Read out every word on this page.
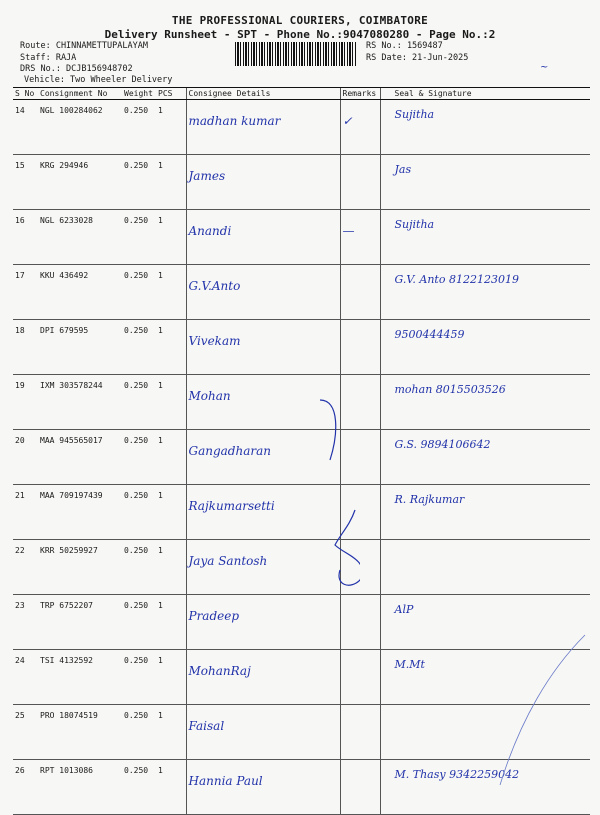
THE PROFESSIONAL COURIERS, COIMBATORE
Delivery Runsheet - SPT - Phone No.:9047080280 - Page No.:2
Route: CHINNAMETTUPALAYAM
Staff: RAJA
DRS No.: DCJB156948702
Vehicle: Two Wheeler Delivery
RS No.: 1569487
RS Date: 21-Jun-2025
S No	Consignment No	Weight	PCS	Consignee Details	Remarks	Seal & Signature
14	NGL 100284062	0.250	1	madhan kumar	✓	Sujitha
15	KRG 294946	0.250	1	James		Jas
16	NGL 6233028	0.250	1	Anandi	—	Sujitha
17	KKU 436492	0.250	1	G.V.Anto		G.V. Anto 8122123019
18	DPI 679595	0.250	1	Vivekam		9500444459
19	IXM 303578244	0.250	1	Mohan		mohan 8015503526
20	MAA 945565017	0.250	1	Gangadharan		G.S. 9894106642
21	MAA 709197439	0.250	1	Rajkumarsetti		R. Rajkumar
22	KRR 50259927	0.250	1	Jaya Santosh		
23	TRP 6752207	0.250	1	Pradeep		AlP
24	TSI 4132592	0.250	1	MohanRaj		M.Mt
25	PRO 18074519	0.250	1	Faisal		
26	RPT 1013086	0.250	1	Hannia Paul		M. Thasy 9342259042
~
